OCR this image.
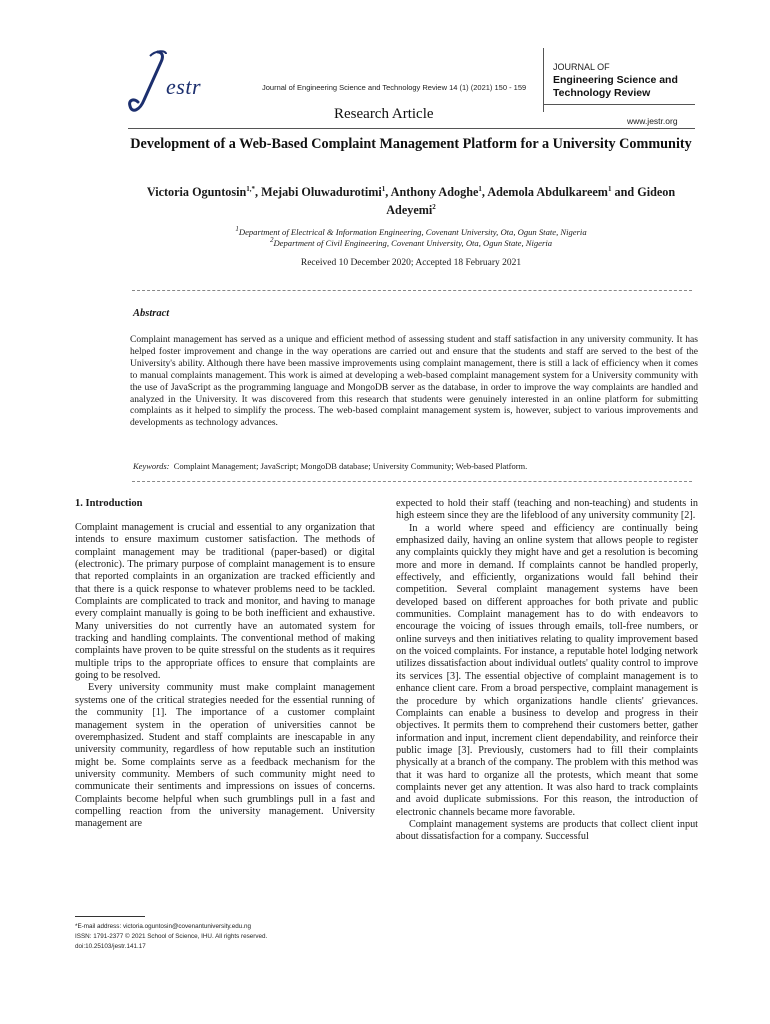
estr	Journal of Engineering Science and Technology Review 14 (1) (2021) 150 - 159
JOURNAL OF
Engineering Science and Technology Review
Research Article	www.jestr.org
Development of a Web-Based Complaint Management Platform for a University Community
Victoria Oguntosin$^{1,*}$, Mejabi Oluwadurotimi$^1$, Anthony Adoghe$^1$, Ademola Abdulkareem$^1$ and Gideon Adeyemi$^2$
$^1$Department of Electrical & Information Engineering, Covenant University, Ota, Ogun State, Nigeria
$^2$Department of Civil Engineering, Covenant University, Ota, Ogun State, Nigeria
Received 10 December 2020; Accepted 18 February 2021
Abstract
Complaint management has served as a unique and efficient method of assessing student and staff satisfaction in any university community. It has helped foster improvement and change in the way operations are carried out and ensure that the students and staff are served to the best of the University's ability. Although there have been massive improvements using complaint management, there is still a lack of efficiency when it comes to manual complaints management. This work is aimed at developing a web-based complaint management system for a University community with the use of JavaScript as the programming language and MongoDB server as the database, in order to improve the way complaints are handled and analyzed in the University. It was discovered from this research that students were genuinely interested in an online platform for submitting complaints as it helped to simplify the process. The web-based complaint management system is, however, subject to various improvements and developments as technology advances.
Keywords: Complaint Management; JavaScript; MongoDB database; University Community; Web-based Platform.
1. Introduction

Complaint management is crucial and essential to any organization that intends to ensure maximum customer satisfaction. The methods of complaint management may be traditional (paper-based) or digital (electronic). The primary purpose of complaint management is to ensure that reported complaints in an organization are tracked efficiently and that there is a quick response to whatever problems need to be tackled. Complaints are complicated to track and monitor, and having to manage every complaint manually is going to be both inefficient and exhaustive. Many universities do not currently have an automated system for tracking and handling complaints. The conventional method of making complaints have proven to be quite stressful on the students as it requires multiple trips to the appropriate offices to ensure that complaints are going to be resolved.

Every university community must make complaint management systems one of the critical strategies needed for the essential running of the community [1]. The importance of a customer complaint management system in the operation of universities cannot be overemphasized. Student and staff complaints are inescapable in any university community, regardless of how reputable such an institution might be. Some complaints serve as a feedback mechanism for the university community. Members of such community might need to communicate their sentiments and impressions on issues of concerns. Complaints become helpful when such grumblings pull in a fast and compelling reaction from the university management. University management are

expected to hold their staff (teaching and non-teaching) and students in high esteem since they are the lifeblood of any university community [2].

In a world where speed and efficiency are continually being emphasized daily, having an online system that allows people to register any complaints quickly they might have and get a resolution is becoming more and more in demand. If complaints cannot be handled properly, effectively, and efficiently, organizations would fall behind their competition. Several complaint management systems have been developed based on different approaches for both private and public communities. Complaint management has to do with endeavors to encourage the voicing of issues through emails, toll-free numbers, or online surveys and then initiatives relating to quality improvement based on the voiced complaints. For instance, a reputable hotel lodging network utilizes dissatisfaction about individual outlets' quality control to improve its services [3]. The essential objective of complaint management is to enhance client care. From a broad perspective, complaint management is the procedure by which organizations handle clients' grievances. Complaints can enable a business to develop and progress in their objectives. It permits them to comprehend their customers better, gather information and input, increment client dependability, and reinforce their public image [3]. Previously, customers had to fill their complaints physically at a branch of the company. The problem with this method was that it was hard to organize all the protests, which meant that some complaints never get any attention. It was also hard to track complaints and avoid duplicate submissions. For this reason, the introduction of electronic channels became more favorable.

Complaint management systems are products that collect client input about dissatisfaction for a company. Successful

*E-mail address: victoria.oguntosin@covenantuniversity.edu.ng
ISSN: 1791-2377 © 2021 School of Science, IHU. All rights reserved.
doi:10.25103/jestr.141.17
